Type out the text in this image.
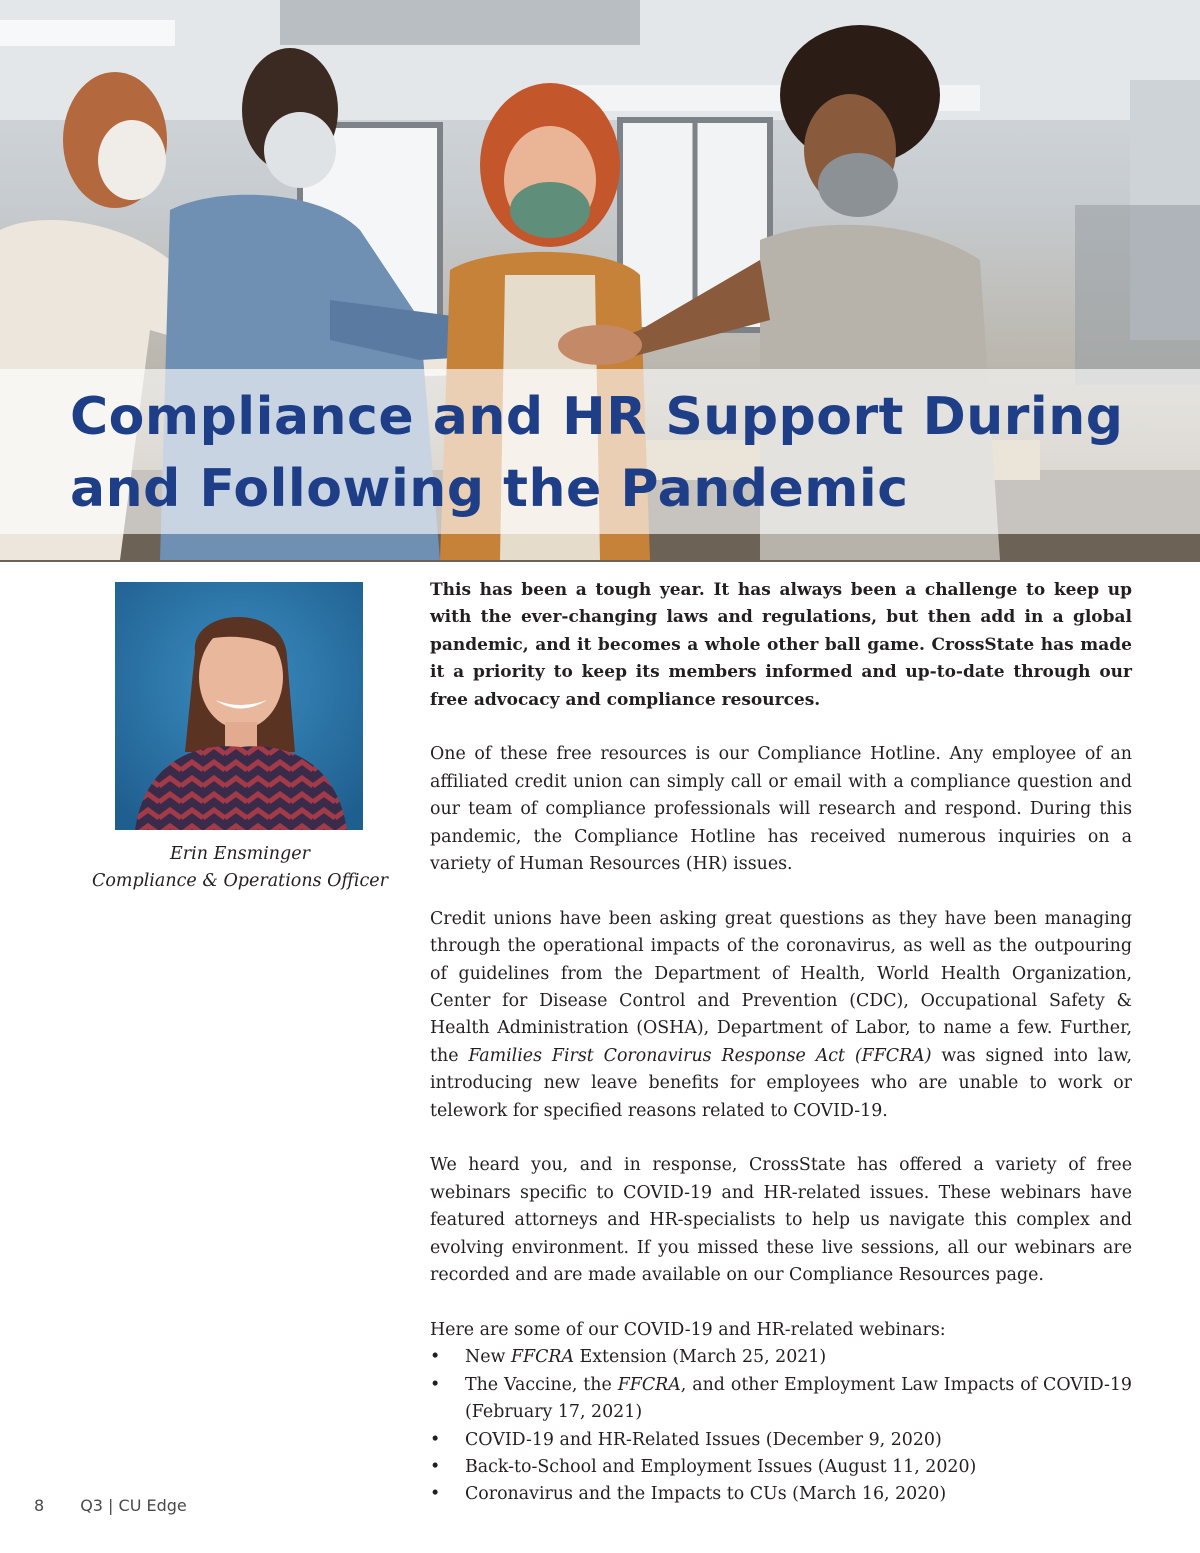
Compliance and HR Support During
and Following the Pandemic
Erin Ensminger
Compliance & Operations Officer

This has been a tough year. It has always been a challenge to keep up with the ever-changing laws and regulations, but then add in a global pandemic, and it becomes a whole other ball game. CrossState has made it a priority to keep its members informed and up-to-date through our free advocacy and compliance resources.

One of these free resources is our Compliance Hotline. Any employee of an affiliated credit union can simply call or email with a compliance question and our team of compliance professionals will research and respond. During this pandemic, the Compliance Hotline has received numerous inquiries on a variety of Human Resources (HR) issues.

Credit unions have been asking great questions as they have been managing through the operational impacts of the coronavirus, as well as the outpouring of guidelines from the Department of Health, World Health Organization, Center for Disease Control and Prevention (CDC), Occupational Safety & Health Administration (OSHA), Department of Labor, to name a few. Further, the Families First Coronavirus Response Act (FFCRA) was signed into law, introducing new leave benefits for employees who are unable to work or telework for specified reasons related to COVID-19.

We heard you, and in response, CrossState has offered a variety of free webinars specific to COVID-19 and HR-related issues. These webinars have featured attorneys and HR-specialists to help us navigate this complex and evolving environment. If you missed these live sessions, all our webinars are recorded and are made available on our Compliance Resources page.

Here are some of our COVID-19 and HR-related webinars:

• New FFCRA Extension (March 25, 2021)
• The Vaccine, the FFCRA, and other Employment Law Impacts of COVID-19 (February 17, 2021)
• COVID-19 and HR-Related Issues (December 9, 2020)
• Back-to-School and Employment Issues (August 11, 2020)
• Coronavirus and the Impacts to CUs (March 16, 2020)
8 Q3 | CU Edge
